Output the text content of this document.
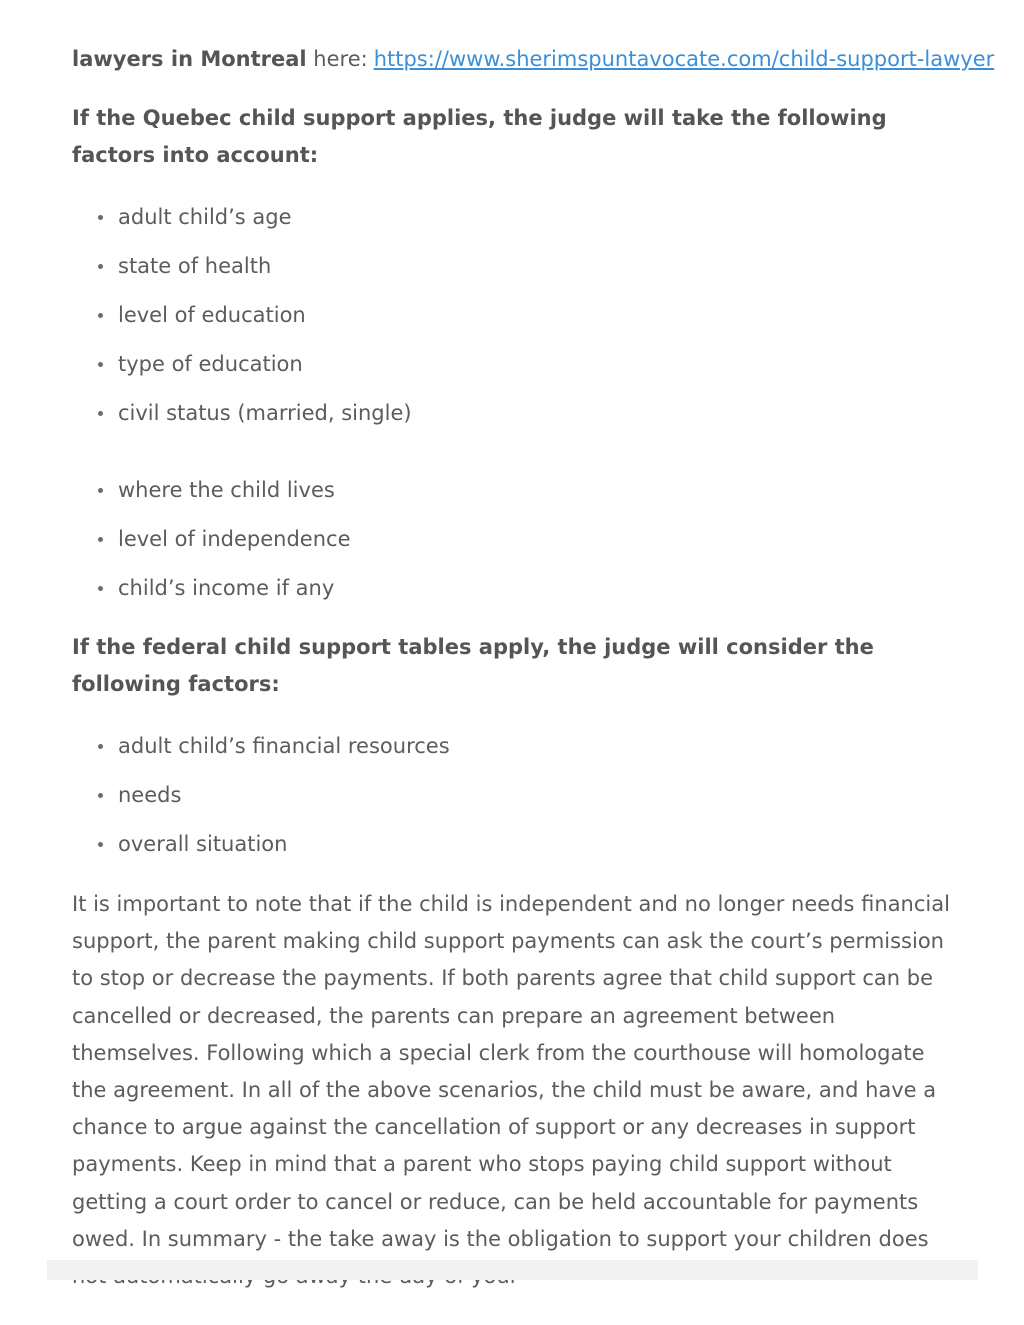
lawyers in Montreal here: https://www.sherimspuntavocate.com/child-support-lawyer

If the Quebec child support applies, the judge will take the following factors into account:

adult child’s age
state of health
level of education
type of education
civil status (married, single)
where the child lives
level of independence
child’s income if any

If the federal child support tables apply, the judge will consider the following factors:

adult child’s financial resources
needs
overall situation

It is important to note that if the child is independent and no longer needs financial support, the parent making child support payments can ask the court’s permission to stop or decrease the payments. If both parents agree that child support can be cancelled or decreased, the parents can prepare an agreement between themselves. Following which a special clerk from the courthouse will homologate the agreement. In all of the above scenarios, the child must be aware, and have a chance to argue against the cancellation of support or any decreases in support payments. Keep in mind that a parent who stops paying child support without getting a court order to cancel or reduce, can be held accountable for payments owed. In summary - the take away is the obligation to support your children does
